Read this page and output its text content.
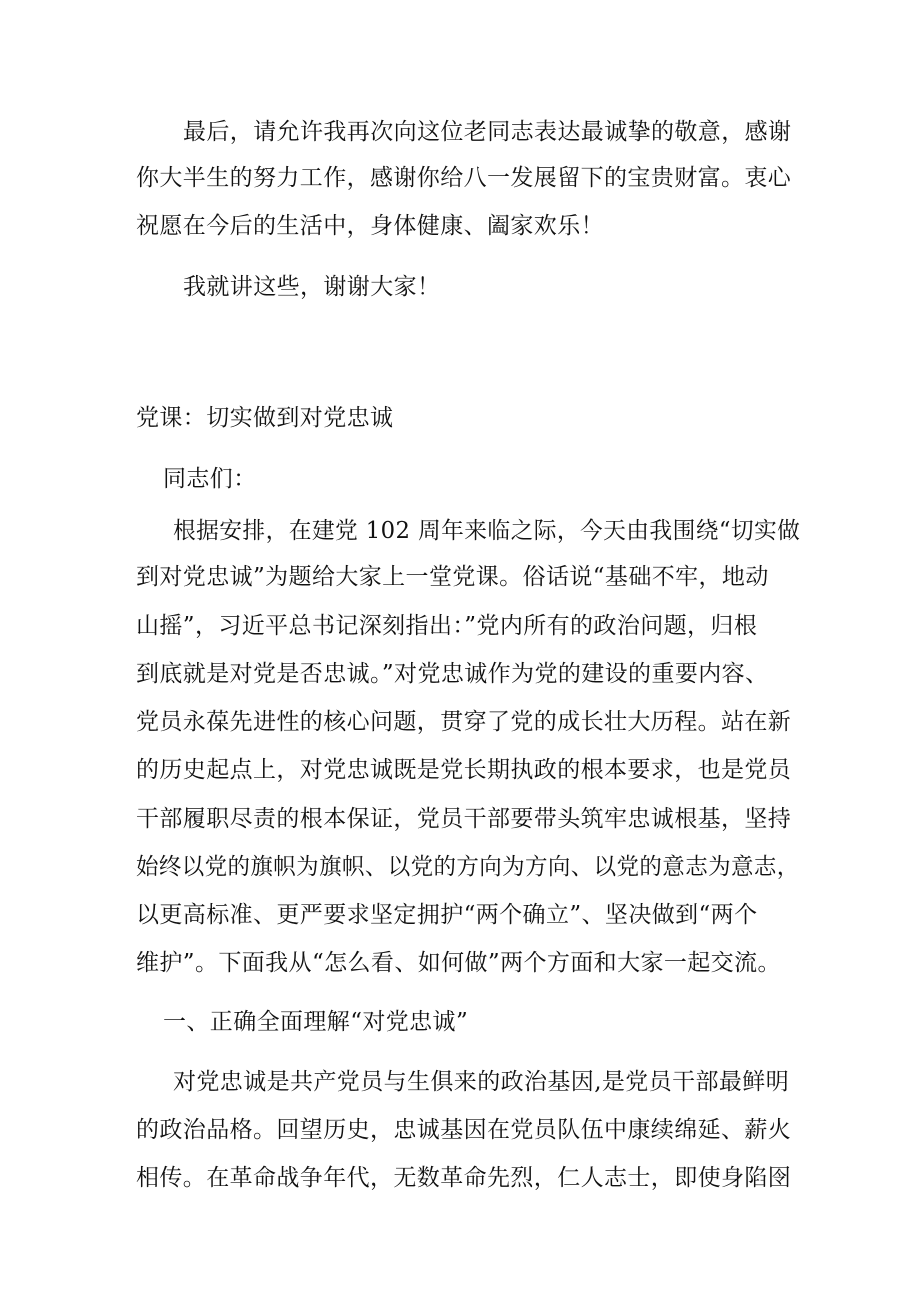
最后，请允许我再次向这位老同志表达最诚挚的敬意，感谢
你大半生的努力工作，感谢你给八一发展留下的宝贵财富。衷心
祝愿在今后的生活中，身体健康、阖家欢乐！
我就讲这些，谢谢大家！
党课：切实做到对党忠诚
同志们：
根据安排，在建党 102 周年来临之际，今天由我围绕“切实做
到对党忠诚”为题给大家上一堂党课。俗话说“基础不牢，地动
山摇”，习近平总书记深刻指出：”党内所有的政治问题，归根
到底就是对党是否忠诚。”对党忠诚作为党的建设的重要内容、
党员永葆先进性的核心问题，贯穿了党的成长壮大历程。站在新
的历史起点上，对党忠诚既是党长期执政的根本要求，也是党员
干部履职尽责的根本保证，党员干部要带头筑牢忠诚根基，坚持
始终以党的旗帜为旗帜、以党的方向为方向、以党的意志为意志，
以更高标准、更严要求坚定拥护“两个确立”、坚决做到“两个
维护”。下面我从“怎么看、如何做”两个方面和大家一起交流。
一、正确全面理解“对党忠诚”
对党忠诚是共产党员与生俱来的政治基因,是党员干部最鲜明
的政治品格。回望历史，忠诚基因在党员队伍中康续绵延、薪火
相传。在革命战争年代，无数革命先烈，仁人志士，即使身陷囹
